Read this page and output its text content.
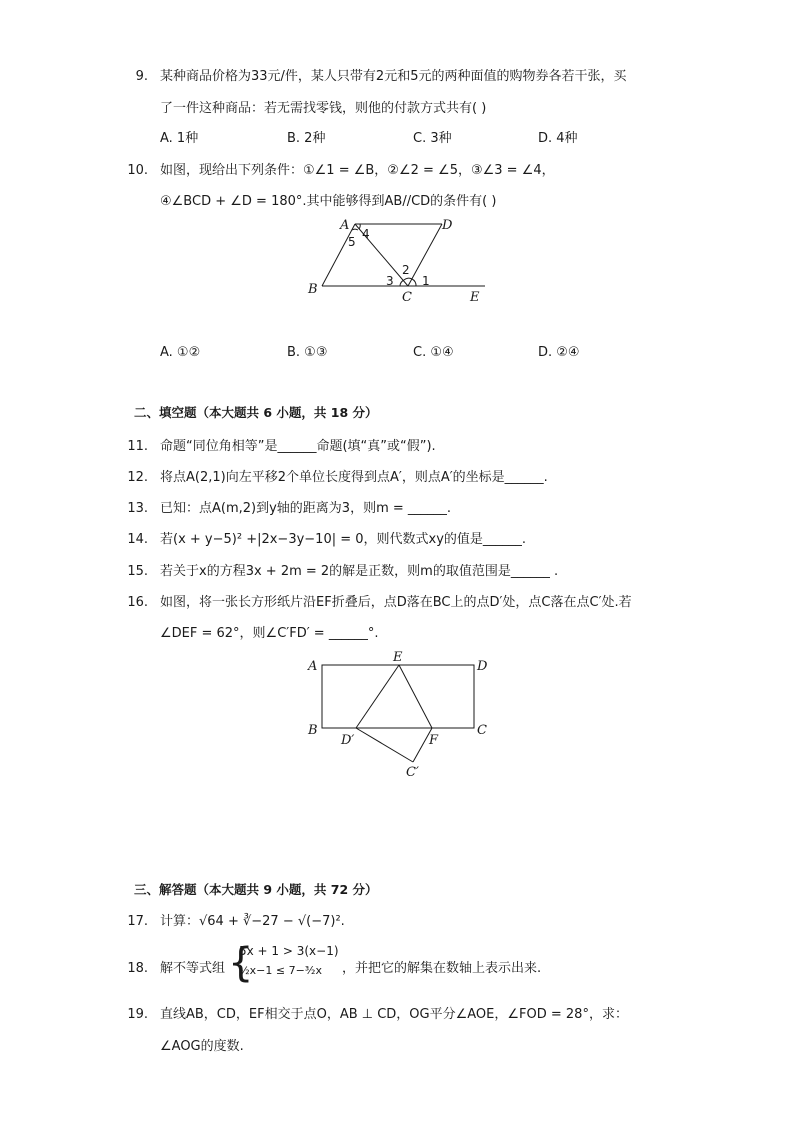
9. 某种商品价格为33元/件，某人只带有2元和5元的两种面值的购物券各若干张，买
了一件这种商品：若无需找零钱，则他的付款方式共有( )
A. 1种	B. 2种	C. 3种	D. 4种
10. 如图，现给出下列条件：①∠1 = ∠B，②∠2 = ∠5，③∠3 = ∠4，
④∠BCD + ∠D = 180°.其中能够得到AB//CD的条件有( )
A	D
B
C	E
4
5
3
2
1
A. ①②	B. ①③	C. ①④	D. ②④
二、填空题（本大题共 6 小题，共 18 分）
11. 命题“同位角相等”是______命题(填“真”或“假”).
12. 将点A(2,1)向左平移2个单位长度得到点A′，则点A′的坐标是______.
13. 已知：点A(m,2)到y轴的距离为3，则m = ______.
14. 若(x + y−5)² +|2x−3y−10| = 0，则代数式xy的值是______.
15. 若关于x的方程3x + 2m = 2的解是正数，则m的取值范围是______ .
16. 如图，将一张长方形纸片沿EF折叠后，点D落在BC上的点D′处，点C落在点C′处.若
∠DEF = 62°，则∠C′FD′ = ______°.
A
E
D
B
D′	F
C
C′
三、解答题（本大题共 9 小题，共 72 分）
17. 计算：√64 + ∛−27 − √(−7)².
18. 解不等式组 {
5x + 1 > 3(x−1)
½x−1 ≤ 7−³⁄₂x ，并把它的解集在数轴上表示出来.
19. 直线AB，CD，EF相交于点O，AB ⊥ CD，OG平分∠AOE，∠FOD = 28°，求：
∠AOG的度数.
